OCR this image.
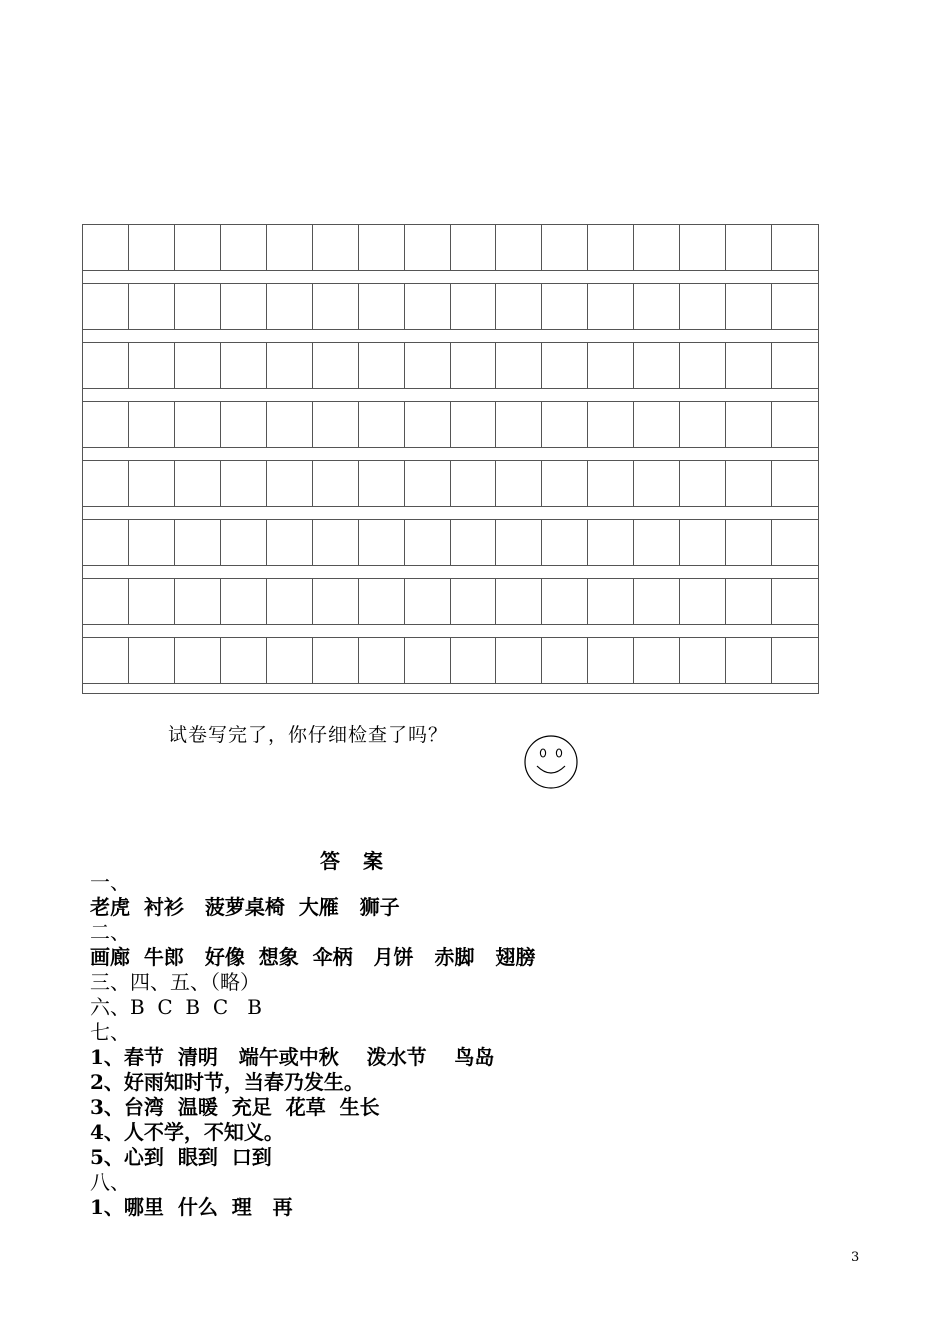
试卷写完了，你仔细检查了吗？
答 案
一、
老虎  衬衫   菠萝桌椅  大雁   狮子
二、
画廊  牛郎   好像  想象  伞柄   月饼   赤脚   翅膀
三、四、五、（略）
六、B  C  B  C   B
七、
1、春节  清明   端午或中秋    泼水节    鸟岛
2、好雨知时节，当春乃发生。
3、台湾  温暖  充足  花草  生长
4、人不学，不知义。
5、心到  眼到  口到
八、
1、哪里  什么  理   再
3
